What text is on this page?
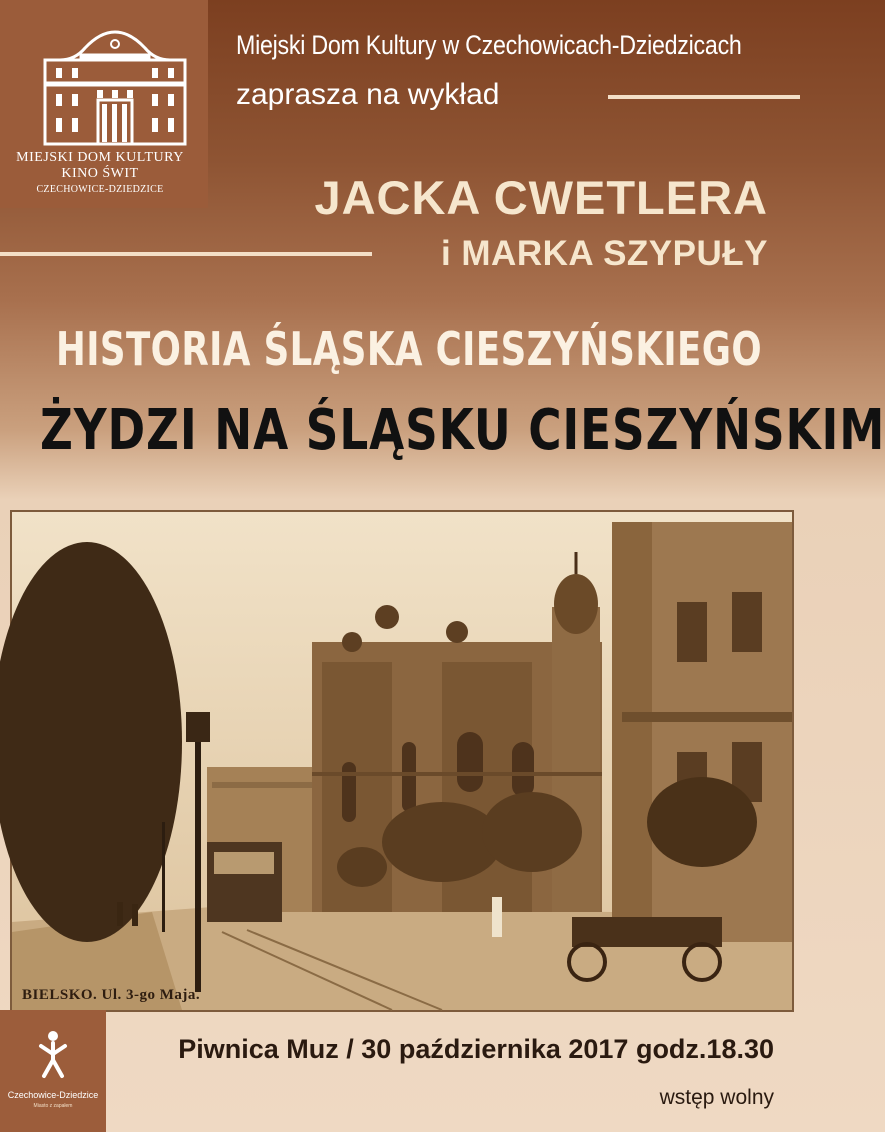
MIEJSKI DOM KULTURY
KINO ŚWIT
CZECHOWICE-DZIEDZICE
Miejski Dom Kultury w Czechowicach-Dziedzicach
zaprasza na wykład
JACKA CWETLERA
i MARKA SZYPUŁY
HISTORIA ŚLĄSKA CIESZYŃSKIEGO
ŻYDZI NA ŚLĄSKU CIESZYŃSKIM
BIELSKO. Ul. 3-go Maja.
Czechowice-Dziedzice
Miasto z zapałem
Piwnica Muz / 30 października 2017 godz.18.30
wstęp wolny
